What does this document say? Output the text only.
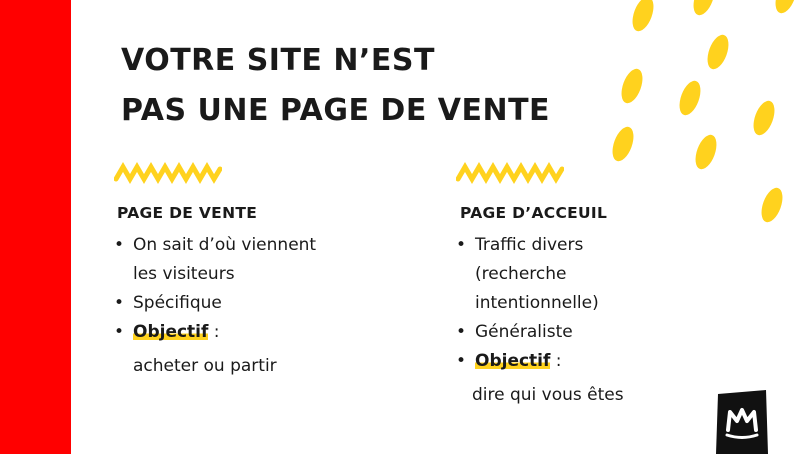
VOTRE SITE N’EST
PAS UNE PAGE DE VENTE
PAGE DE VENTE
• On sait d’où viennent
les visiteurs
• Spécifique
• Objectif :

acheter ou partir

PAGE D’ACCEUIL
• Traffic divers
(recherche
intentionnelle)
• Généraliste
• Objectif :

dire qui vous êtes
